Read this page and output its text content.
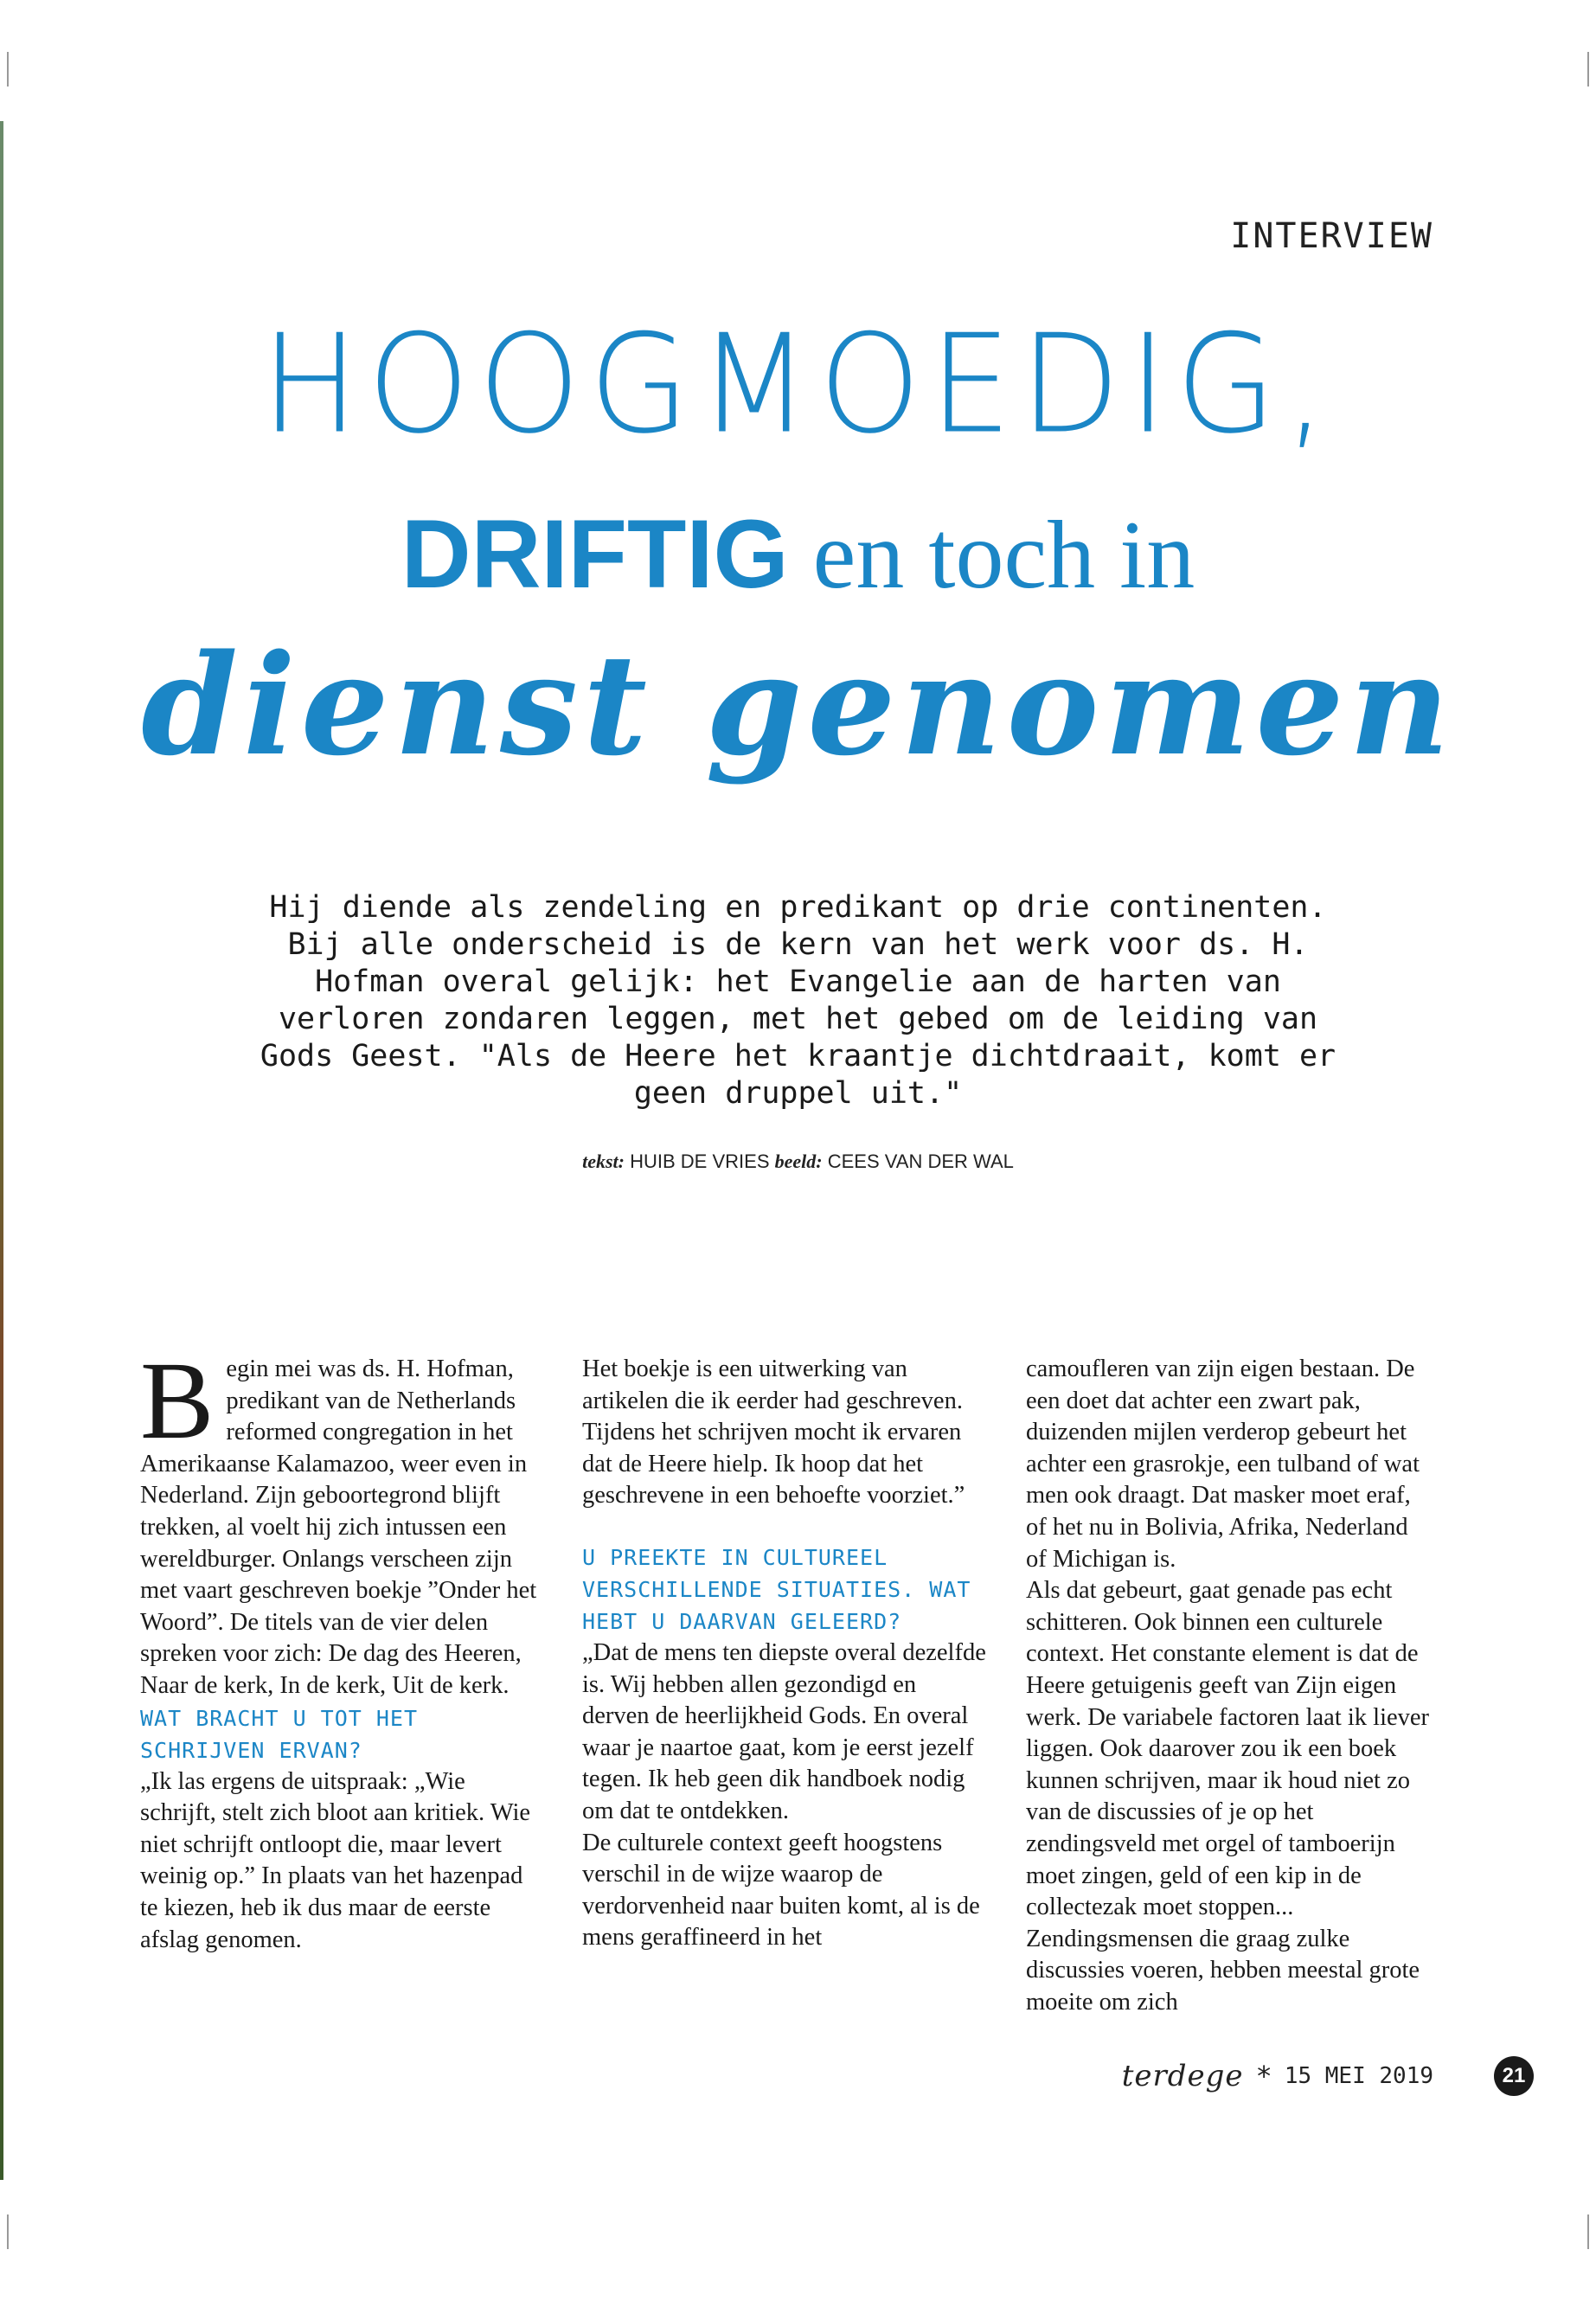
INTERVIEW
HOOGMOEDIG,
DRIFTIG en toch in
dienst genomen
Hij diende als zendeling en predikant op drie continenten. Bij alle onderscheid is de kern van het werk voor ds. H. Hofman overal gelijk: het Evangelie aan de harten van verloren zondaren leggen, met het gebed om de leiding van Gods Geest. "Als de Heere het kraantje dichtdraait, komt er geen druppel uit."
tekst: HUIB DE VRIES beeld: CEES VAN DER WAL

Begin mei was ds. H. Hofman, predikant van de Netherlands reformed congregation in het Amerikaanse Kalamazoo, weer even in Nederland. Zijn geboortegrond blijft trekken, al voelt hij zich intussen een wereldburger. Onlangs verscheen zijn met vaart geschreven boekje ”Onder het Woord”. De titels van de vier delen spreken voor zich: De dag des Heeren, Naar de kerk, In de kerk, Uit de kerk.

WAT BRACHT U TOT HET SCHRIJVEN ERVAN?

„Ik las ergens de uitspraak: „Wie schrijft, stelt zich bloot aan kritiek. Wie niet schrijft ontloopt die, maar levert weinig op.” In plaats van het hazenpad te kiezen, heb ik dus maar de eerste afslag genomen.

Het boekje is een uitwerking van artikelen die ik eerder had geschreven. Tijdens het schrijven mocht ik ervaren dat de Heere hielp. Ik hoop dat het geschrevene in een behoefte voorziet.”

U PREEKTE IN CULTUREEL VERSCHILLENDE SITUATIES. WAT HEBT U DAARVAN GELEERD?

„Dat de mens ten diepste overal dezelfde is. Wij hebben allen gezondigd en derven de heerlijkheid Gods. En overal waar je naartoe gaat, kom je eerst jezelf tegen. Ik heb geen dik handboek nodig om dat te ontdekken.

De culturele context geeft hoogstens verschil in de wijze waarop de verdorvenheid naar buiten komt, al is de mens geraffineerd in het

camoufleren van zijn eigen bestaan. De een doet dat achter een zwart pak, duizenden mijlen verderop gebeurt het achter een grasrokje, een tulband of wat men ook draagt. Dat masker moet eraf, of het nu in Bolivia, Afrika, Nederland of Michigan is.

Als dat gebeurt, gaat genade pas echt schitteren. Ook binnen een culturele context. Het constante element is dat de Heere getuigenis geeft van Zijn eigen werk. De variabele factoren laat ik liever liggen. Ook daarover zou ik een boek kunnen schrijven, maar ik houd niet zo van de discussies of je op het zendingsveld met orgel of tamboerijn moet zingen, geld of een kip in de collectezak moet stoppen... Zendingsmensen die graag zulke discussies voeren, hebben meestal grote moeite om zich

terdege * 15 MEI 2019	21
